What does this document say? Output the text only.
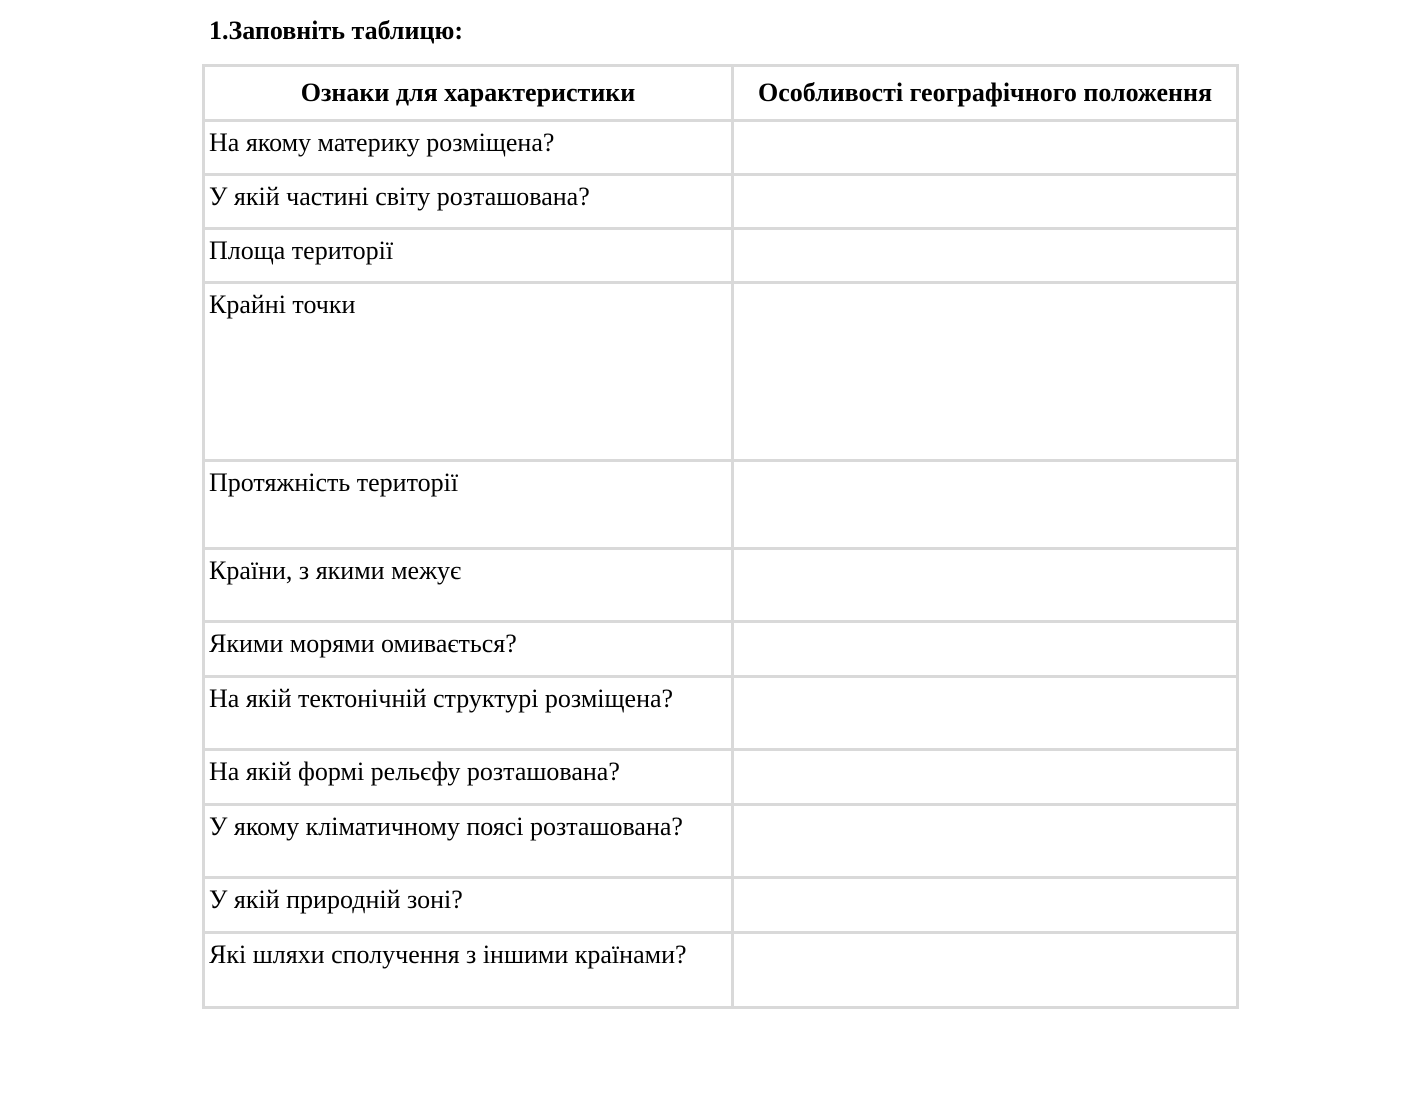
1.Заповніть таблицю:
Ознаки для характеристики	Особливості географічного положення
На якому материку розміщена?	
У якій частині світу розташована?	
Площа території	
Крайні точки	
Протяжність території	
Країни, з якими межує	
Якими морями омивається?	
На якій тектонічній структурі розміщена?	
На якій формі рельєфу розташована?	
У якому кліматичному поясі розташована?	
У якій природній зоні?	
Які шляхи сполучення з іншими країнами?	
